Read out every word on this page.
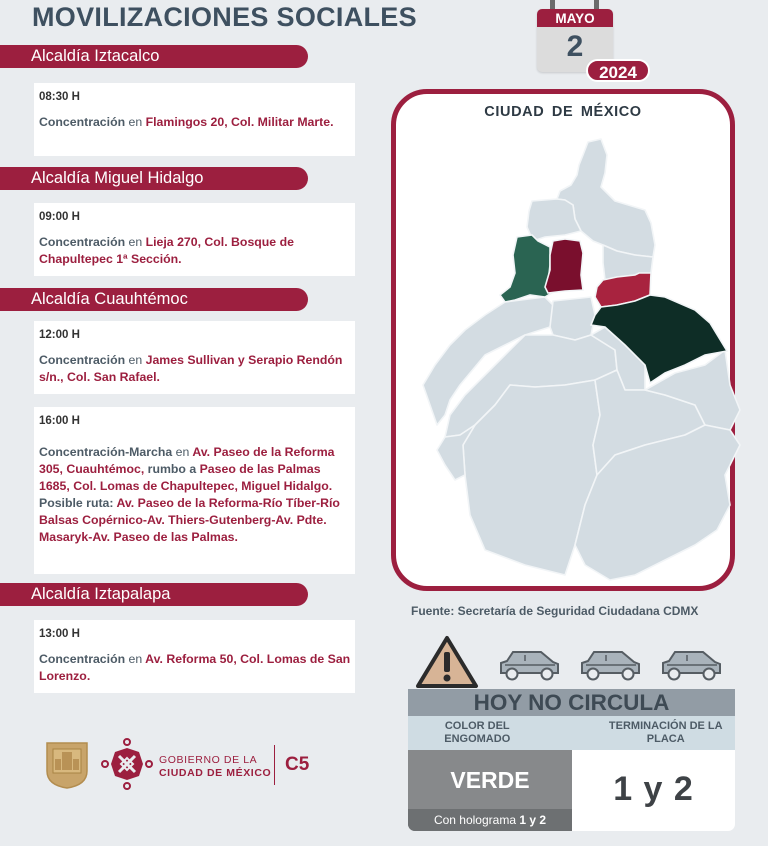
MOVILIZACIONES SOCIALES	MAYO
2
2024
Alcaldía Iztacalco
08:30 H
Concentración en Flamingos 20, Col. Militar Marte.
Alcaldía Miguel Hidalgo
09:00 H
Concentración en Lieja 270, Col. Bosque de Chapultepec 1ª Sección.
Alcaldía Cuauhtémoc
12:00 H
Concentración en James Sullivan y Serapio Rendón s/n., Col. San Rafael.
16:00 H
Concentración-Marcha en Av. Paseo de la Reforma 305, Cuauhtémoc, rumbo a Paseo de las Palmas 1685, Col. Lomas de Chapultepec, Miguel Hidalgo. Posible ruta: Av. Paseo de la Reforma-Río Tíber-Río Balsas Copérnico-Av. Thiers-Gutenberg-Av. Pdte. Masaryk-Av. Paseo de las Palmas.
Alcaldía Iztapalapa
13:00 H
Concentración en Av. Reforma 50, Col. Lomas de San Lorenzo.
CIUDAD DE MÉXICO
Fuente: Secretaría de Seguridad Ciudadana CDMX
HOY NO CIRCULA
COLOR DEL ENGOMADO
TERMINACIÓN DE LA PLACA
VERDE
Con holograma 1 y 2
1 y 2
GOBIERNO DE LA
CIUDAD DE MÉXICO C5
